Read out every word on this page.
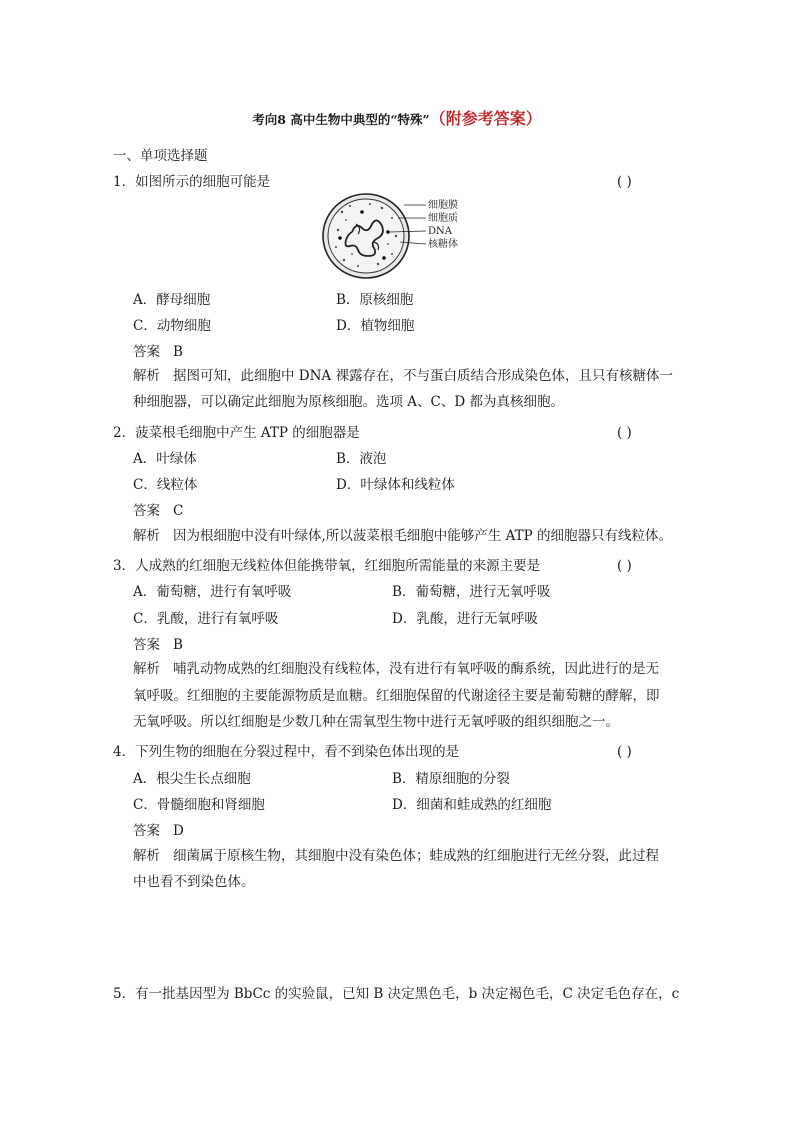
考向8 高中生物中典型的“特殊”（附参考答案）
一、单项选择题
1．如图所示的细胞可能是	( )
细胞膜
细胞质
DNA
核糖体
A．酵母细胞	B．原核细胞
C．动物细胞	D．植物细胞
答案 B
解析 据图可知，此细胞中 DNA 裸露存在，不与蛋白质结合形成染色体，且只有核糖体一
种细胞器，可以确定此细胞为原核细胞。选项 A、C、D 都为真核细胞。
2．菠菜根毛细胞中产生 ATP 的细胞器是	( )
A．叶绿体	B．液泡
C．线粒体	D．叶绿体和线粒体
答案 C
解析 因为根细胞中没有叶绿体,所以菠菜根毛细胞中能够产生 ATP 的细胞器只有线粒体。
3．人成熟的红细胞无线粒体但能携带氧，红细胞所需能量的来源主要是	( )
A．葡萄糖，进行有氧呼吸	B．葡萄糖，进行无氧呼吸
C．乳酸，进行有氧呼吸	D．乳酸，进行无氧呼吸
答案 B
解析 哺乳动物成熟的红细胞没有线粒体，没有进行有氧呼吸的酶系统，因此进行的是无
氧呼吸。红细胞的主要能源物质是血糖。红细胞保留的代谢途径主要是葡萄糖的酵解，即
无氧呼吸。所以红细胞是少数几种在需氧型生物中进行无氧呼吸的组织细胞之一。
4．下列生物的细胞在分裂过程中，看不到染色体出现的是	( )
A．根尖生长点细胞	B．精原细胞的分裂
C．骨髓细胞和肾细胞	D．细菌和蛙成熟的红细胞
答案 D
解析 细菌属于原核生物，其细胞中没有染色体；蛙成熟的红细胞进行无丝分裂，此过程
中也看不到染色体。
5．有一批基因型为 BbCc 的实验鼠，已知 B 决定黑色毛，b 决定褐色毛，C 决定毛色存在，c
